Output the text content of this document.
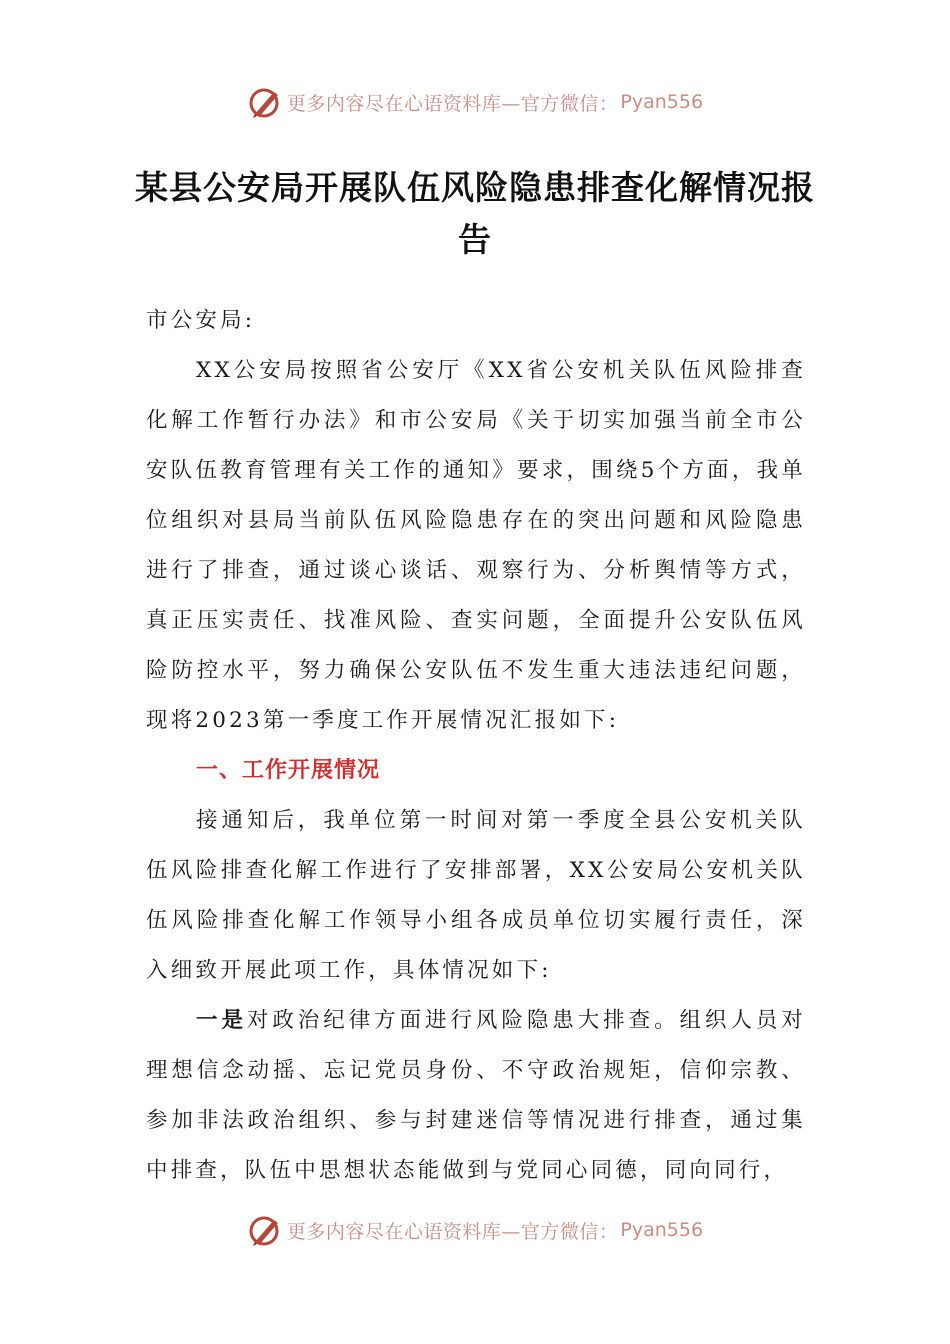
更多内容尽在心语资料库—官方微信： Pyan556
某县公安局开展队伍风险隐患排查化解情况报告

市公安局:

XX公安局按照省公安厅《XX省公安机关队伍风险排查化解工作暂行办法》和市公安局《关于切实加强当前全市公安队伍教育管理有关工作的通知》要求，围绕5个方面，我单位组织对县局当前队伍风险隐患存在的突出问题和风险隐患进行了排查，通过谈心谈话、观察行为、分析舆情等方式，真正压实责任、找准风险、查实问题，全面提升公安队伍风险防控水平，努力确保公安队伍不发生重大违法违纪问题，现将2023第一季度工作开展情况汇报如下:

一、工作开展情况

接通知后，我单位第一时间对第一季度全县公安机关队伍风险排查化解工作进行了安排部署，XX公安局公安机关队伍风险排查化解工作领导小组各成员单位切实履行责任，深入细致开展此项工作，具体情况如下:

一是对政治纪律方面进行风险隐患大排查。组织人员对理想信念动摇、忘记党员身份、不守政治规矩，信仰宗教、参加非法政治组织、参与封建迷信等情况进行排查，通过集中排查，队伍中思想状态能做到与党同心同德，同向同行，

更多内容尽在心语资料库—官方微信： Pyan556
